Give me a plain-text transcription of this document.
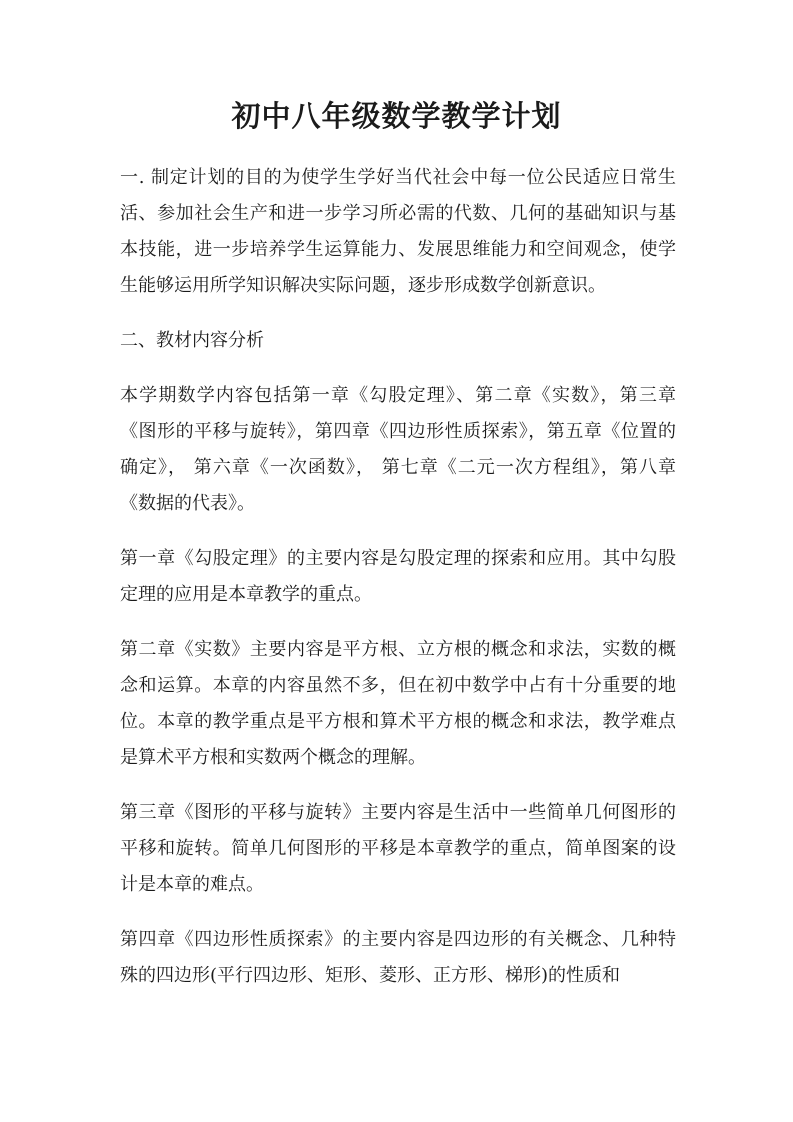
初中八年级数学教学计划

一. 制定计划的目的为使学生学好当代社会中每一位公民适应日常生活、参加社会生产和进一步学习所必需的代数、几何的基础知识与基本技能，进一步培养学生运算能力、发展思维能力和空间观念，使学生能够运用所学知识解决实际问题，逐步形成数学创新意识。

二、教材内容分析

本学期数学内容包括第一章《勾股定理》、第二章《实数》，第三章《图形的平移与旋转》，第四章《四边形性质探索》，第五章《位置的确定》， 第六章《一次函数》， 第七章《二元一次方程组》，第八章《数据的代表》。

第一章《勾股定理》的主要内容是勾股定理的探索和应用。其中勾股定理的应用是本章教学的重点。

第二章《实数》主要内容是平方根、立方根的概念和求法，实数的概念和运算。本章的内容虽然不多，但在初中数学中占有十分重要的地位。本章的教学重点是平方根和算术平方根的概念和求法，教学难点是算术平方根和实数两个概念的理解。

第三章《图形的平移与旋转》主要内容是生活中一些简单几何图形的平移和旋转。简单几何图形的平移是本章教学的重点，简单图案的设计是本章的难点。

第四章《四边形性质探索》的主要内容是四边形的有关概念、几种特殊的四边形(平行四边形、矩形、菱形、正方形、梯形)的性质和
